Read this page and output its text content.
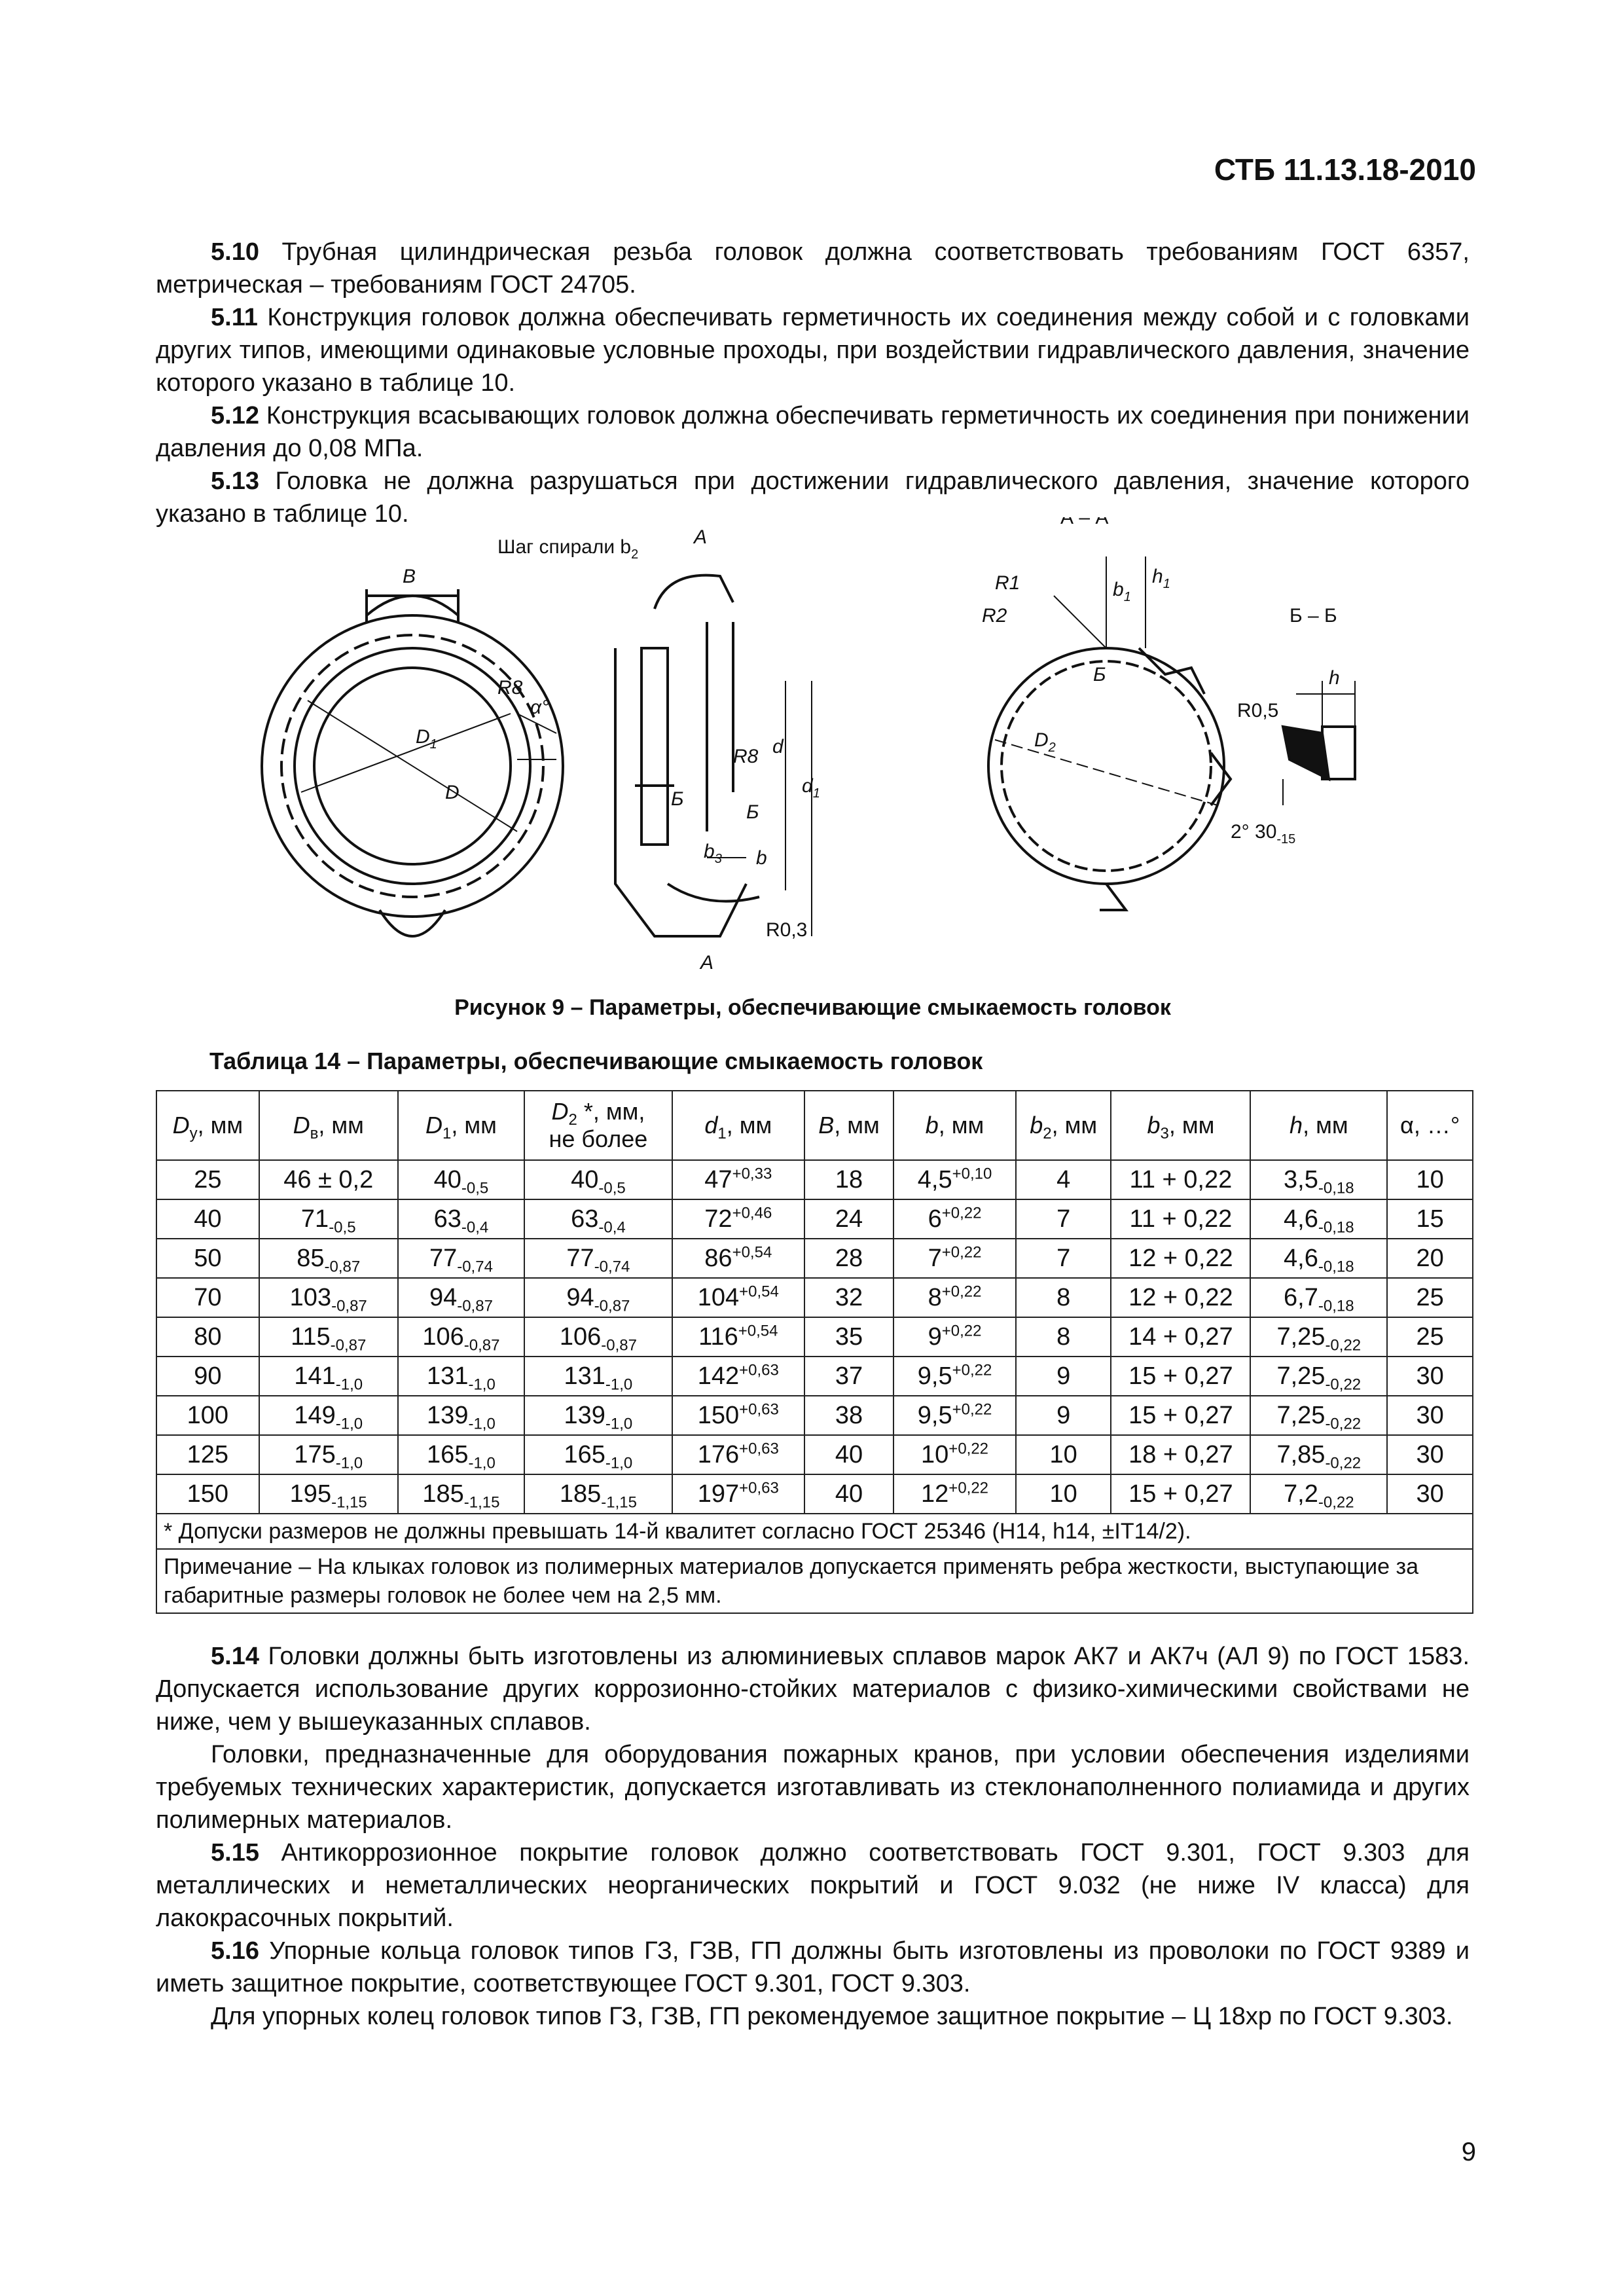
СТБ 11.13.18-2010

5.10 Трубная цилиндрическая резьба головок должна соответствовать требованиям ГОСТ 6357, метрическая – требованиям ГОСТ 24705.

5.11 Конструкция головок должна обеспечивать герметичность их соединения между собой и с головками других типов, имеющими одинаковые условные проходы, при воздействии гидравлического давления, значение которого указано в таблице 10.

5.12 Конструкция всасывающих головок должна обеспечивать герметичность их соединения при понижении давления до 0,08 МПа.

5.13 Головка не должна разрушаться при достижении гидравлического давления, значение которого указано в таблице 10.

B
R8
α°
$D_1$
D
Шаг спирали $b_2$
A
R8 d
$d_1$
Б
Б
b
$b_3$
R0,3
A
А – А
R1
R2
$b_1$
$h_1$
Б
$D_2$
Б – Б
h
R0,5
2° $30_{-15}$
Рисунок 9 – Параметры, обеспечивающие смыкаемость головок
Таблица 14 – Параметры, обеспечивающие смыкаемость головок
$D_у$, мм	$D_в$, мм	$D_1$, мм	$D_2$ *, мм,
не более	$d_1$, мм	B, мм	b, мм	$b_2$, мм	$b_3$, мм	h, мм	α, …°
25	46 ± 0,2	$40_{-0,5}$	$40_{-0,5}$	$47^{+0,33}$	18	$4,5^{+0,10}$	4	11 + 0,22	$3,5_{-0,18}$	10
40	$71_{-0,5}$	$63_{-0,4}$	$63_{-0,4}$	$72^{+0,46}$	24	$6^{+0,22}$	7	11 + 0,22	$4,6_{-0,18}$	15
50	$85_{-0,87}$	$77_{-0,74}$	$77_{-0,74}$	$86^{+0,54}$	28	$7^{+0,22}$	7	12 + 0,22	$4,6_{-0,18}$	20
70	$103_{-0,87}$	$94_{-0,87}$	$94_{-0,87}$	$104^{+0,54}$	32	$8^{+0,22}$	8	12 + 0,22	$6,7_{-0,18}$	25
80	$115_{-0,87}$	$106_{-0,87}$	$106_{-0,87}$	$116^{+0,54}$	35	$9^{+0,22}$	8	14 + 0,27	$7,25_{-0,22}$	25
90	$141_{-1,0}$	$131_{-1,0}$	$131_{-1,0}$	$142^{+0,63}$	37	$9,5^{+0,22}$	9	15 + 0,27	$7,25_{-0,22}$	30
100	$149_{-1,0}$	$139_{-1,0}$	$139_{-1,0}$	$150^{+0,63}$	38	$9,5^{+0,22}$	9	15 + 0,27	$7,25_{-0,22}$	30
125	$175_{-1,0}$	$165_{-1,0}$	$165_{-1,0}$	$176^{+0,63}$	40	$10^{+0,22}$	10	18 + 0,27	$7,85_{-0,22}$	30
150	$195_{-1,15}$	$185_{-1,15}$	$185_{-1,15}$	$197^{+0,63}$	40	$12^{+0,22}$	10	15 + 0,27	$7,2_{-0,22}$	30
* Допуски размеров не должны превышать 14-й квалитет согласно ГОСТ 25346 (H14, h14, ±IT14/2).										
Примечание – На клыках головок из полимерных материалов допускается применять ребра жесткости, выступающие за габаритные размеры головок не более чем на 2,5 мм.										

5.14 Головки должны быть изготовлены из алюминиевых сплавов марок АК7 и АК7ч (АЛ 9) по ГОСТ 1583. Допускается использование других коррозионно-стойких материалов с физико-химическими свойствами не ниже, чем у вышеуказанных сплавов.

Головки, предназначенные для оборудования пожарных кранов, при условии обеспечения изделиями требуемых технических характеристик, допускается изготавливать из стеклонаполненного полиамида и других полимерных материалов.

5.15 Антикоррозионное покрытие головок должно соответствовать ГОСТ 9.301, ГОСТ 9.303 для металлических и неметаллических неорганических покрытий и ГОСТ 9.032 (не ниже IV класса) для лакокрасочных покрытий.

5.16 Упорные кольца головок типов ГЗ, ГЗВ, ГП должны быть изготовлены из проволоки по ГОСТ 9389 и иметь защитное покрытие, соответствующее ГОСТ 9.301, ГОСТ 9.303.

Для упорных колец головок типов ГЗ, ГЗВ, ГП рекомендуемое защитное покрытие – Ц 18хр по ГОСТ 9.303.

9
